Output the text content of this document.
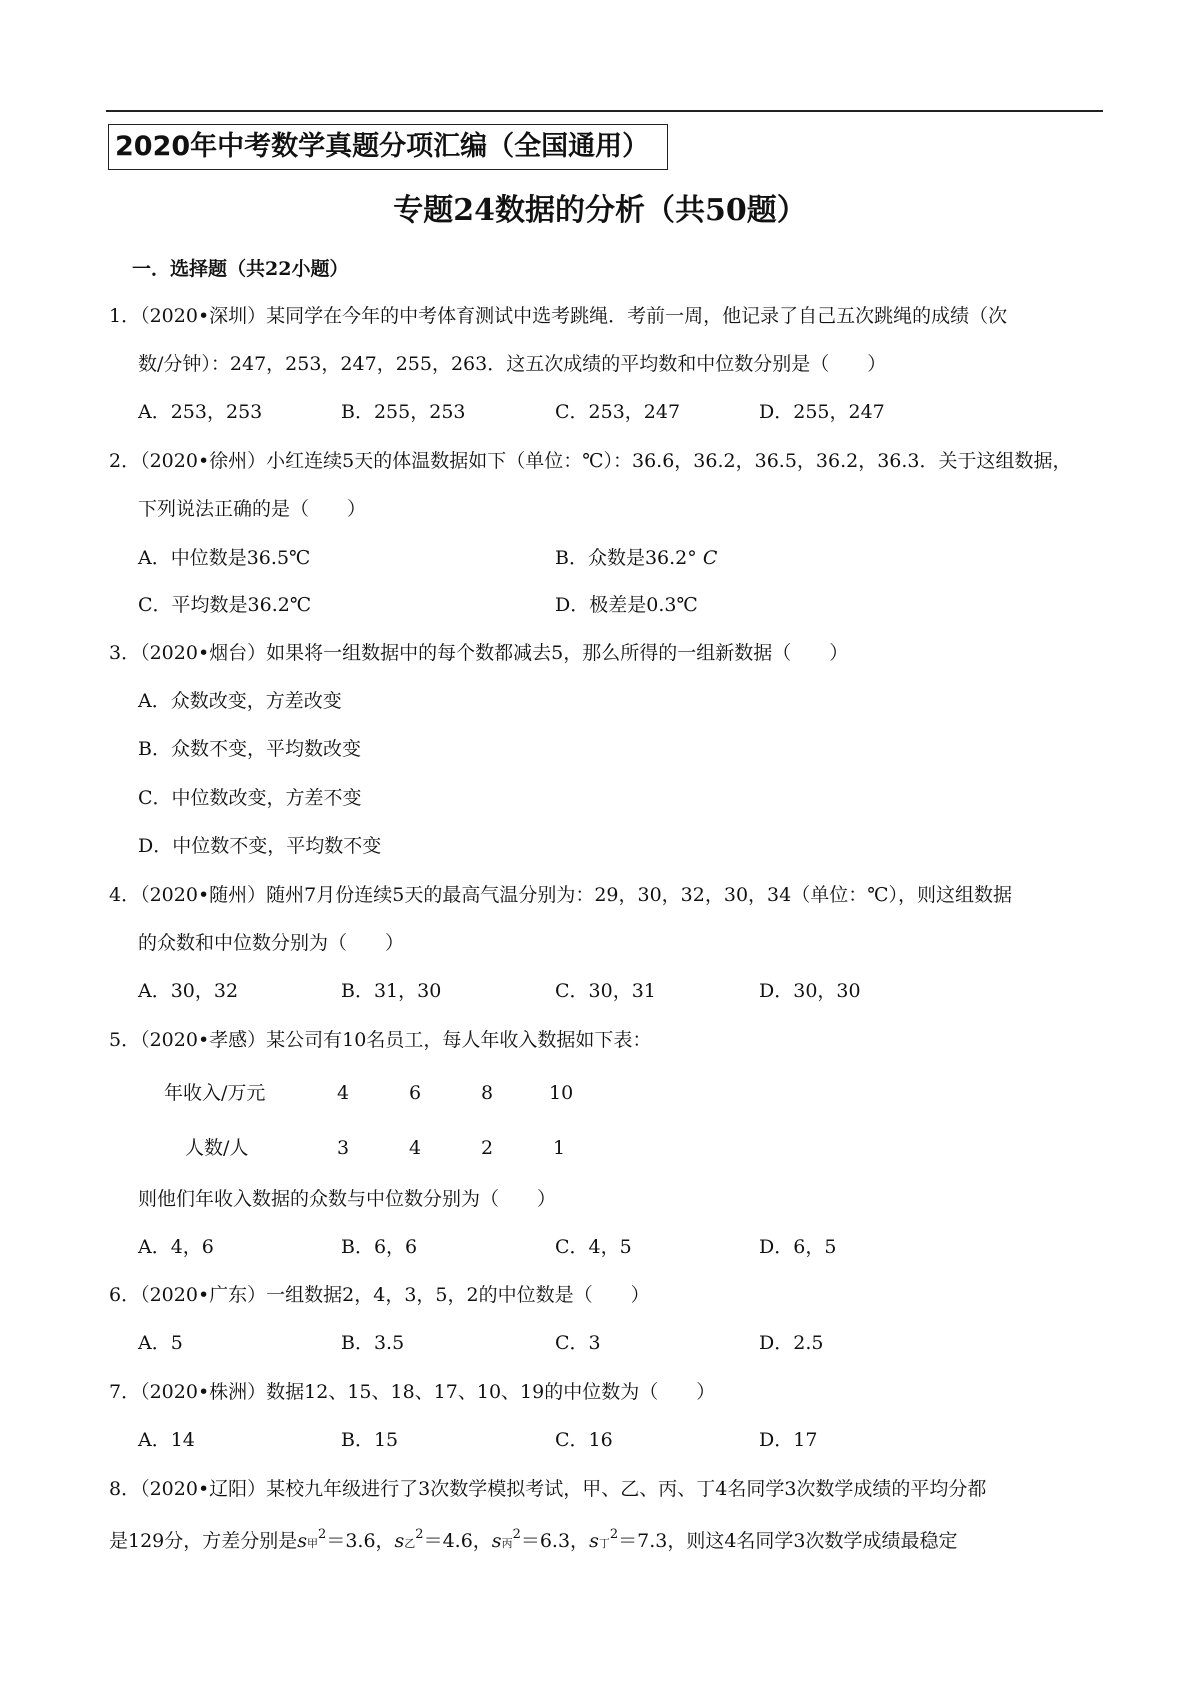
2020年中考数学真题分项汇编（全国通用）
专题24数据的分析（共50题）
一．选择题（共22小题）
1．（2020•深圳）某同学在今年的中考体育测试中选考跳绳．考前一周，他记录了自己五次跳绳的成绩（次
数/分钟）：247，253，247，255，263．这五次成绩的平均数和中位数分别是（　　）
A．253，253	B．255，253	C．253，247	D．255，247
2．（2020•徐州）小红连续5天的体温数据如下（单位：℃）：36.6，36.2，36.5，36.2，36.3．关于这组数据，
下列说法正确的是（　　）
A．中位数是36.5℃	B．众数是36.2° C
C．平均数是36.2℃	D．极差是0.3℃
3．（2020•烟台）如果将一组数据中的每个数都减去5，那么所得的一组新数据（　　）
A．众数改变，方差改变
B．众数不变，平均数改变
C．中位数改变，方差不变
D．中位数不变，平均数不变
4．（2020•随州）随州7月份连续5天的最高气温分别为：29，30，32，30，34（单位：℃），则这组数据
的众数和中位数分别为（　　）
A．30，32	B．31，30	C．30，31	D．30，30
5．（2020•孝感）某公司有10名员工，每人年收入数据如下表：
年收入/万元	4	6	8	10
人数/人	3	4	2	1
则他们年收入数据的众数与中位数分别为（　　）
A．4，6	B．6，6	C．4，5	D．6，5
6．（2020•广东）一组数据2，4，3，5，2的中位数是（　　）
A．5	B．3.5	C．3	D．2.5
7．（2020•株洲）数据12、15、18、17、10、19的中位数为（　　）
A．14	B．15	C．16	D．17
8．（2020•辽阳）某校九年级进行了3次数学模拟考试，甲、乙、丙、丁4名同学3次数学成绩的平均分都
是129分，方差分别是s甲$^2$＝3.6，s乙$^2$＝4.6，s丙$^2$＝6.3，s丁$^2$＝7.3，则这4名同学3次数学成绩最稳定
